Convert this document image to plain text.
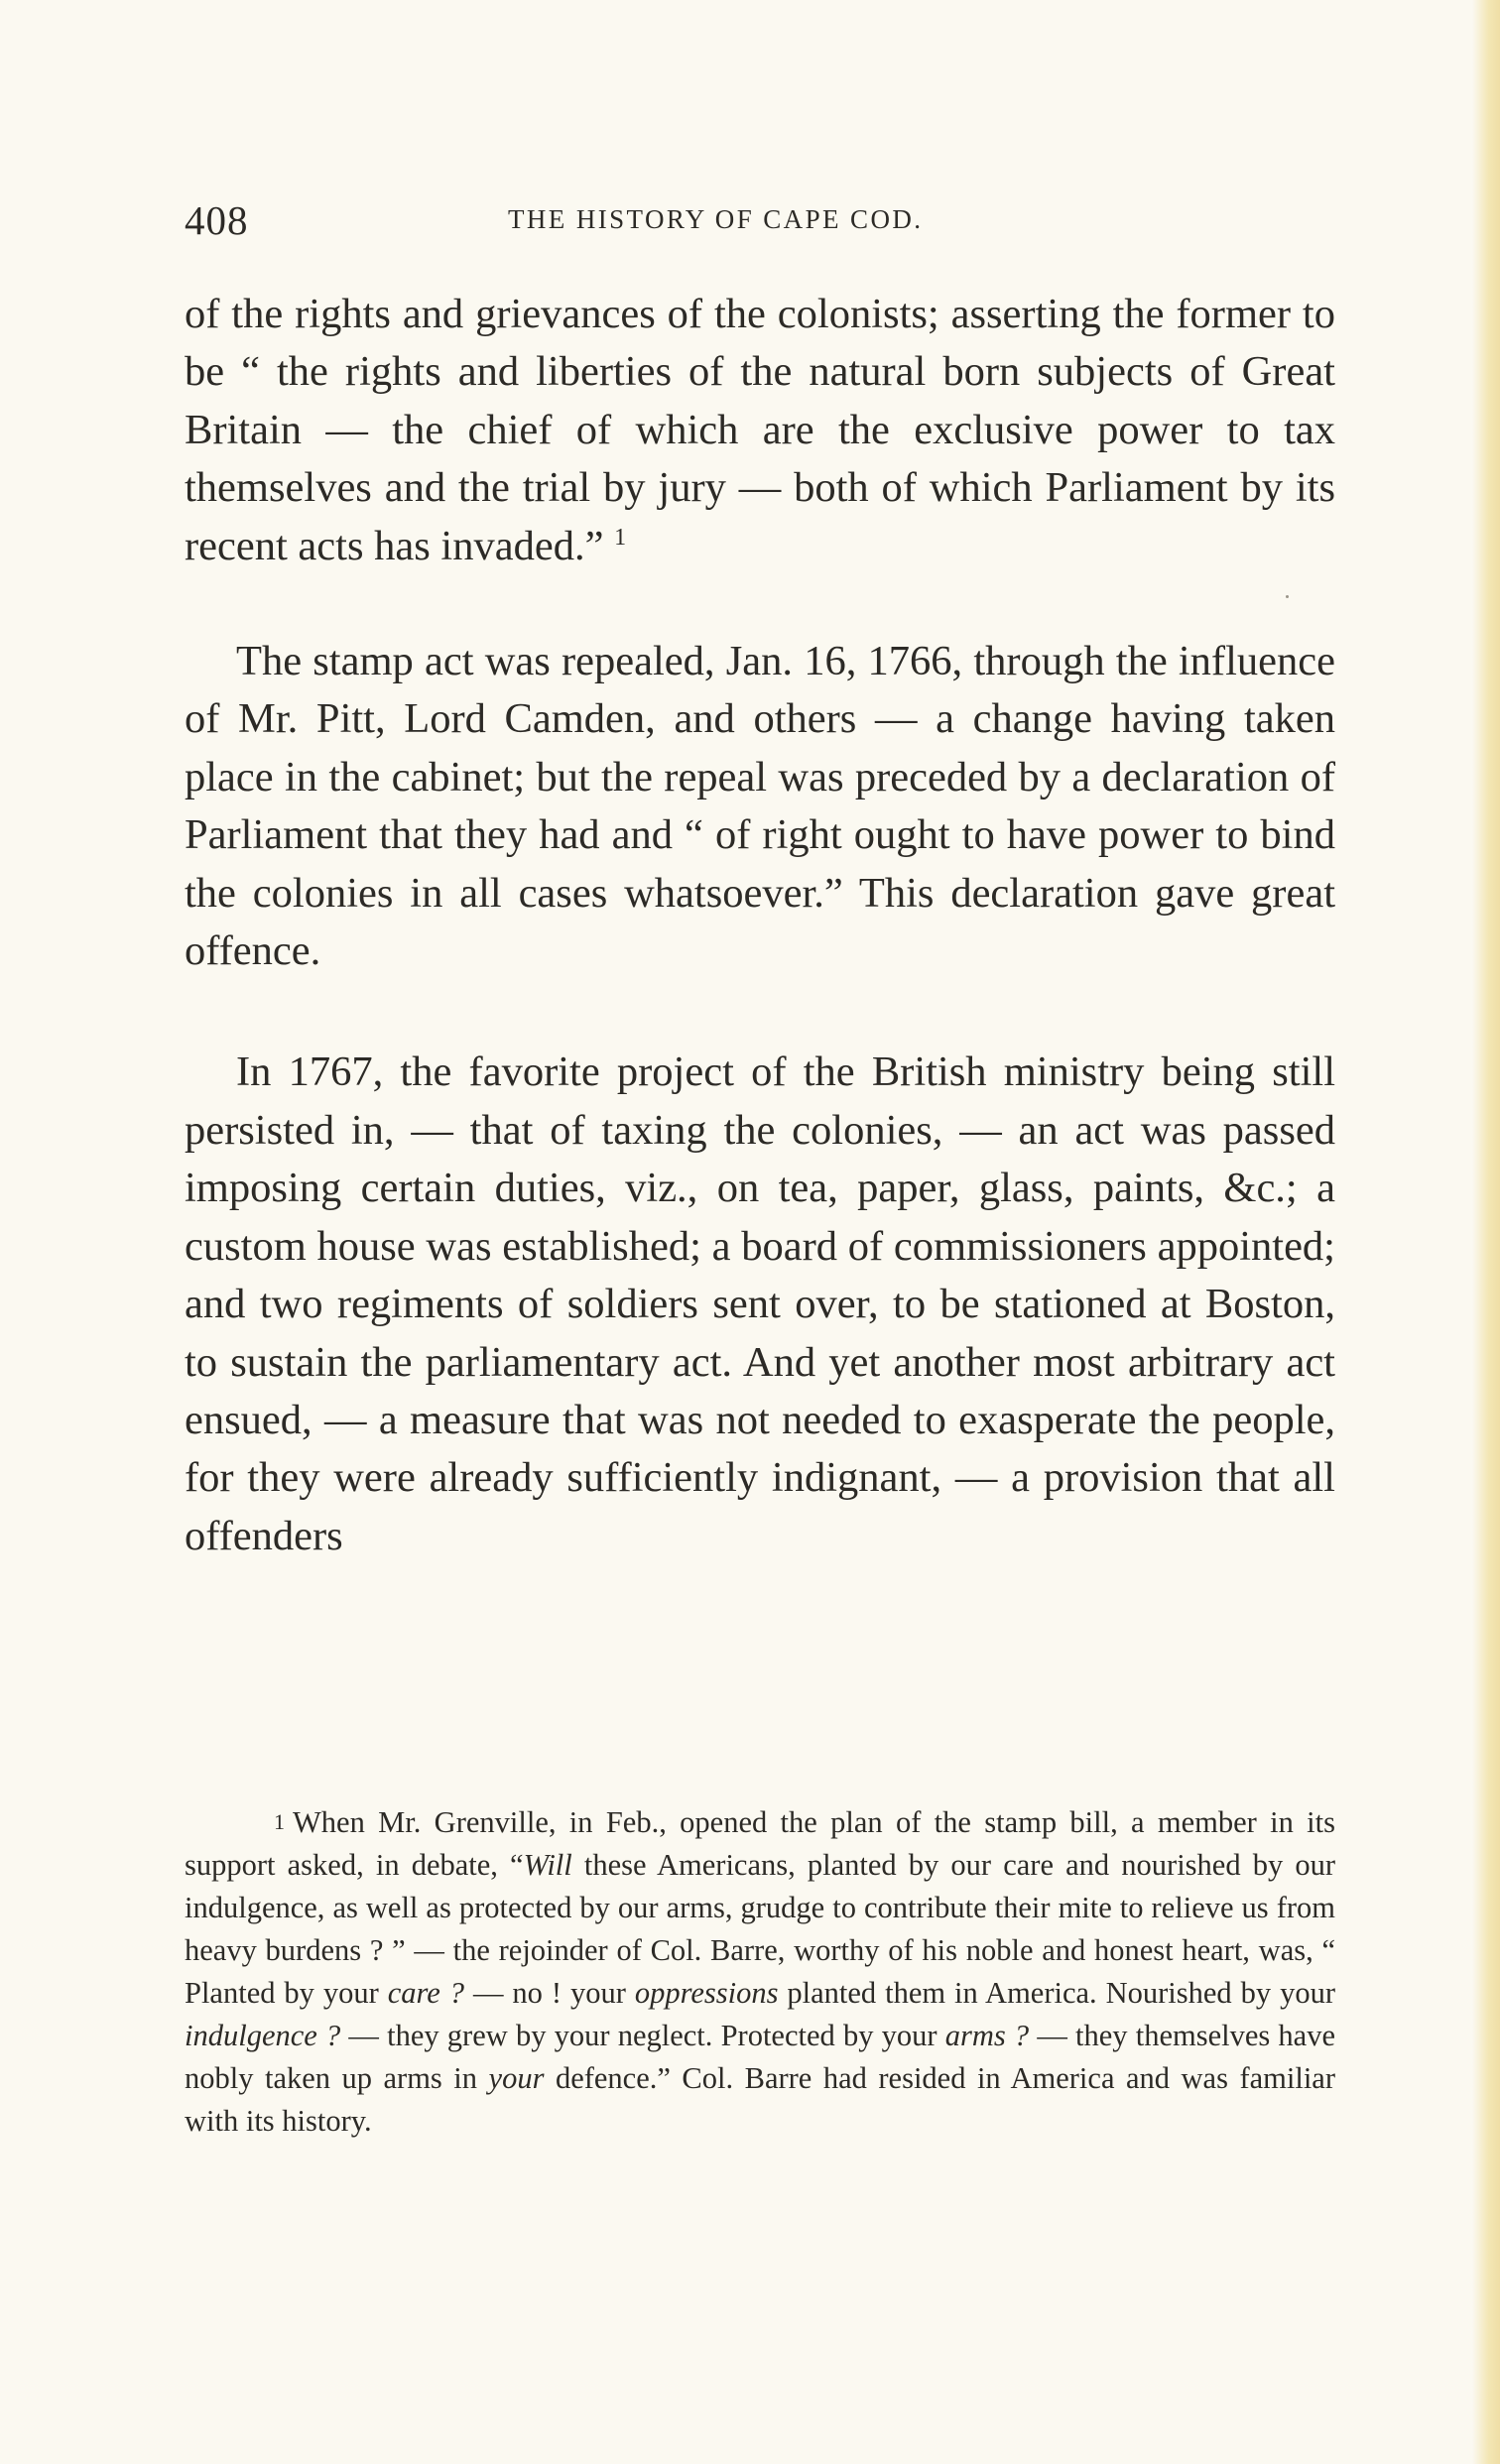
408	THE HISTORY OF CAPE COD.

of the rights and grievances of the colonists; asserting the former to be “ the rights and liberties of the natural born subjects of Great Britain — the chief of which are the exclusive power to tax themselves and the trial by jury — both of which Parliament by its recent acts has invaded.” $^1$

The stamp act was repealed, Jan. 16, 1766, through the influence of Mr. Pitt, Lord Camden, and others — a change having taken place in the cabinet; but the repeal was preceded by a declaration of Parliament that they had and “ of right ought to have power to bind the colonies in all cases whatsoever.” This declaration gave great offence.

In 1767, the favorite project of the British ministry being still persisted in, — that of taxing the colonies, — an act was passed imposing certain duties, viz., on tea, paper, glass, paints, &c.; a custom house was established; a board of commissioners appointed; and two regiments of soldiers sent over, to be stationed at Boston, to sustain the parliamentary act. And yet another most arbitrary act ensued, — a measure that was not needed to exasperate the people, for they were already sufficiently indignant, — a provision that all offenders

1 When Mr. Grenville, in Feb., opened the plan of the stamp bill, a member in its support asked, in debate, “Will these Americans, planted by our care and nourished by our indulgence, as well as protected by our arms, grudge to contribute their mite to relieve us from heavy burdens ? ” — the rejoinder of Col. Barre, worthy of his noble and honest heart, was, “ Planted by your care ? — no ! your oppressions planted them in America. Nourished by your indulgence ? — they grew by your neglect. Protected by your arms ? — they themselves have nobly taken up arms in your defence.” Col. Barre had resided in America and was familiar with its history.
